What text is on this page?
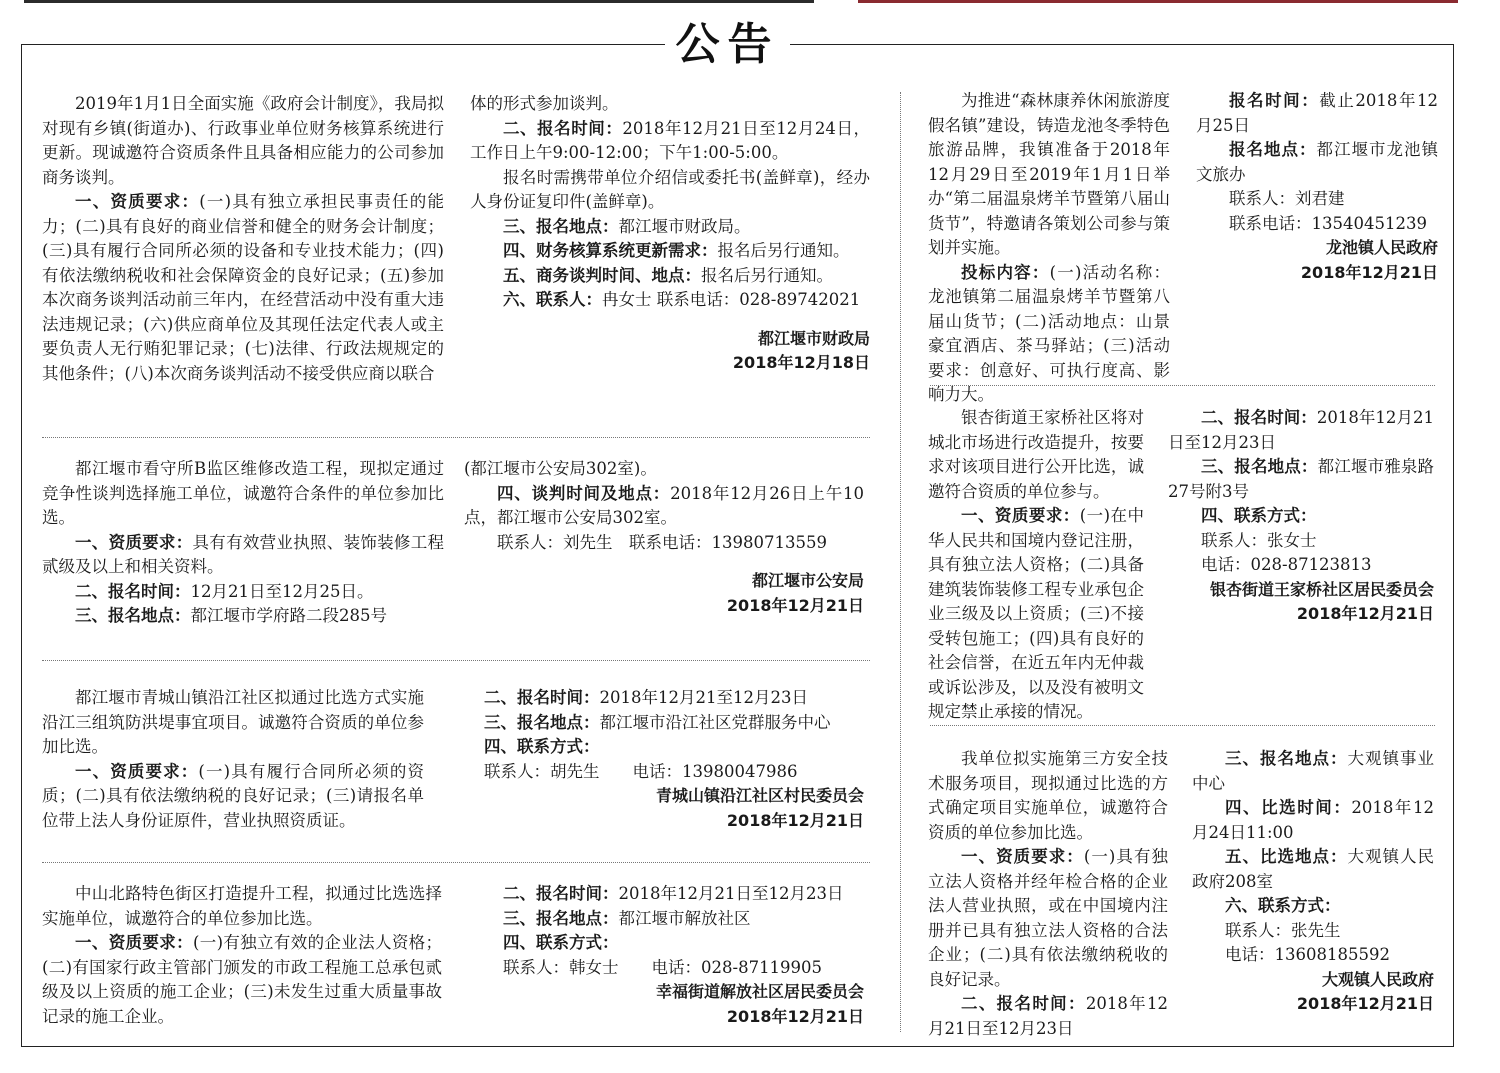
公告

2019年1月1日全面实施《政府会计制度》，我局拟对现有乡镇(街道办)、行政事业单位财务核算系统进行更新。现诚邀符合资质条件且具备相应能力的公司参加商务谈判。

一、资质要求：(一)具有独立承担民事责任的能力；(二)具有良好的商业信誉和健全的财务会计制度；(三)具有履行合同所必须的设备和专业技术能力；(四)有依法缴纳税收和社会保障资金的良好记录；(五)参加本次商务谈判活动前三年内，在经营活动中没有重大违法违规记录；(六)供应商单位及其现任法定代表人或主要负责人无行贿犯罪记录；(七)法律、行政法规规定的其他条件；(八)本次商务谈判活动不接受供应商以联合

体的形式参加谈判。

二、报名时间：2018年12月21日至12月24日，工作日上午9:00-12:00；下午1:00-5:00。

报名时需携带单位介绍信或委托书(盖鲜章)，经办人身份证复印件(盖鲜章)。

三、报名地点：都江堰市财政局。

四、财务核算系统更新需求：报名后另行通知。

五、商务谈判时间、地点：报名后另行通知。

六、联系人：冉女士 联系电话：028-89742021

都江堰市财政局

2018年12月18日

都江堰市看守所B监区维修改造工程，现拟定通过竞争性谈判选择施工单位，诚邀符合条件的单位参加比选。

一、资质要求：具有有效营业执照、装饰装修工程贰级及以上和相关资料。

二、报名时间：12月21日至12月25日。

三、报名地点：都江堰市学府路二段285号

(都江堰市公安局302室)。

四、谈判时间及地点：2018年12月26日上午10点，都江堰市公安局302室。

联系人：刘先生　联系电话：13980713559

都江堰市公安局

2018年12月21日

都江堰市青城山镇沿江社区拟通过比选方式实施沿江三组筑防洪堤事宜项目。诚邀符合资质的单位参加比选。

一、资质要求：(一)具有履行合同所必须的资质；(二)具有依法缴纳税的良好记录；(三)请报名单位带上法人身份证原件，营业执照资质证。

二、报名时间：2018年12月21至12月23日

三、报名地点：都江堰市沿江社区党群服务中心

四、联系方式：

联系人：胡先生　　电话：13980047986

青城山镇沿江社区村民委员会

2018年12月21日

中山北路特色街区打造提升工程，拟通过比选选择实施单位，诚邀符合的单位参加比选。

一、资质要求：(一)有独立有效的企业法人资格；(二)有国家行政主管部门颁发的市政工程施工总承包贰级及以上资质的施工企业；(三)未发生过重大质量事故记录的施工企业。

二、报名时间：2018年12月21日至12月23日

三、报名地点：都江堰市解放社区

四、联系方式：

联系人：韩女士　　电话：028-87119905

幸福街道解放社区居民委员会

2018年12月21日

为推进“森林康养休闲旅游度假名镇”建设，铸造龙池冬季特色旅游品牌，我镇准备于2018年12月29日至2019年1月1日举办“第二届温泉烤羊节暨第八届山货节”，特邀请各策划公司参与策划并实施。

投标内容：(一)活动名称：龙池镇第二届温泉烤羊节暨第八届山货节；(二)活动地点：山景豪宜酒店、茶马驿站；(三)活动要求：创意好、可执行度高、影响力大。

报名时间：截止2018年12月25日

报名地点：都江堰市龙池镇文旅办

联系人：刘君建

联系电话：13540451239

龙池镇人民政府

2018年12月21日

银杏街道王家桥社区将对城北市场进行改造提升，按要求对该项目进行公开比选，诚邀符合资质的单位参与。

一、资质要求：(一)在中华人民共和国境内登记注册，具有独立法人资格；(二)具备建筑装饰装修工程专业承包企业三级及以上资质；(三)不接受转包施工；(四)具有良好的社会信誉，在近五年内无仲裁或诉讼涉及，以及没有被明文规定禁止承接的情况。

二、报名时间：2018年12月21日至12月23日

三、报名地点：都江堰市雅泉路27号附3号

四、联系方式：

联系人：张女士

电话：028-87123813

银杏街道王家桥社区居民委员会

2018年12月21日

我单位拟实施第三方安全技术服务项目，现拟通过比选的方式确定项目实施单位，诚邀符合资质的单位参加比选。

一、资质要求：(一)具有独立法人资格并经年检合格的企业法人营业执照，或在中国境内注册并已具有独立法人资格的合法企业；(二)具有依法缴纳税收的良好记录。

二、报名时间：2018年12月21日至12月23日

三、报名地点：大观镇事业中心

四、比选时间：2018年12月24日11:00

五、比选地点：大观镇人民政府208室

六、联系方式：

联系人：张先生

电话：13608185592

大观镇人民政府

2018年12月21日
